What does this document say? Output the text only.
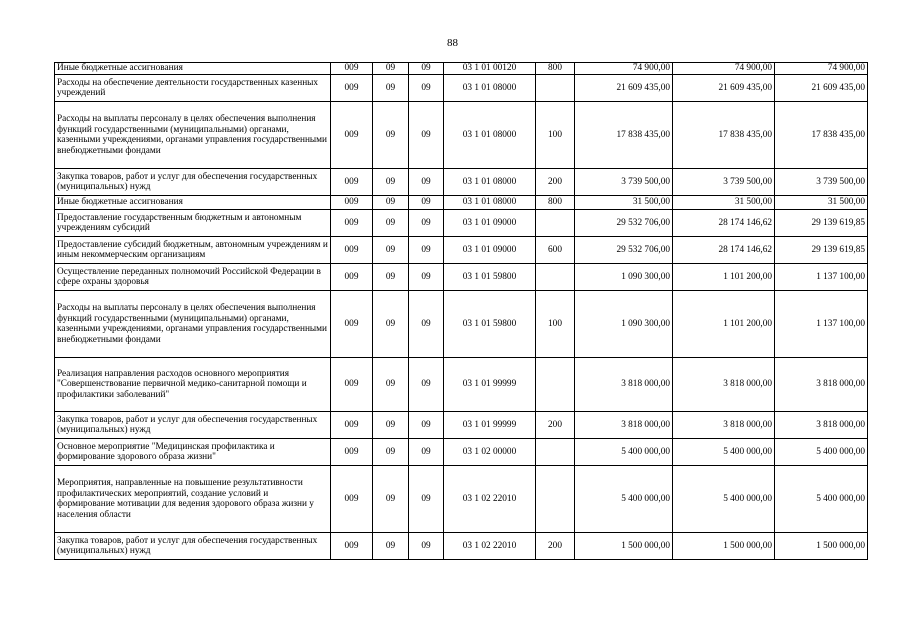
88
Иные бюджетные ассигнования	009	09	09	03 1 01 00120	800	74 900,00	74 900,00	74 900,00
Расходы на обеспечение деятельности государственных казенных учреждений	009	09	09	03 1 01 08000		21 609 435,00	21 609 435,00	21 609 435,00
Расходы на выплаты персоналу в целях обеспечения выполнения функций государственными (муниципальными) органами, казенными учреждениями, органами управления государственными внебюджетными фондами	009	09	09	03 1 01 08000	100	17 838 435,00	17 838 435,00	17 838 435,00
Закупка товаров, работ и услуг для обеспечения государственных (муниципальных) нужд	009	09	09	03 1 01 08000	200	3 739 500,00	3 739 500,00	3 739 500,00
Иные бюджетные ассигнования	009	09	09	03 1 01 08000	800	31 500,00	31 500,00	31 500,00
Предоставление государственным бюджетным и автономным учреждениям субсидий	009	09	09	03 1 01 09000		29 532 706,00	28 174 146,62	29 139 619,85
Предоставление субсидий бюджетным, автономным учреждениям и иным некоммерческим организациям	009	09	09	03 1 01 09000	600	29 532 706,00	28 174 146,62	29 139 619,85
Осуществление переданных полномочий Российской Федерации в сфере охраны здоровья	009	09	09	03 1 01 59800		1 090 300,00	1 101 200,00	1 137 100,00
Расходы на выплаты персоналу в целях обеспечения выполнения функций государственными (муниципальными) органами, казенными учреждениями, органами управления государственными внебюджетными фондами	009	09	09	03 1 01 59800	100	1 090 300,00	1 101 200,00	1 137 100,00
Реализация направления расходов основного мероприятия "Совершенствование первичной медико-санитарной помощи и профилактики заболеваний"	009	09	09	03 1 01 99999		3 818 000,00	3 818 000,00	3 818 000,00
Закупка товаров, работ и услуг для обеспечения государственных (муниципальных) нужд	009	09	09	03 1 01 99999	200	3 818 000,00	3 818 000,00	3 818 000,00
Основное мероприятие "Медицинская профилактика и формирование здорового образа жизни"	009	09	09	03 1 02 00000		5 400 000,00	5 400 000,00	5 400 000,00
Мероприятия, направленные на повышение результативности профилактических мероприятий, создание условий и формирование мотивации для ведения здорового образа жизни у населения области	009	09	09	03 1 02 22010		5 400 000,00	5 400 000,00	5 400 000,00
Закупка товаров, работ и услуг для обеспечения государственных (муниципальных) нужд	009	09	09	03 1 02 22010	200	1 500 000,00	1 500 000,00	1 500 000,00
